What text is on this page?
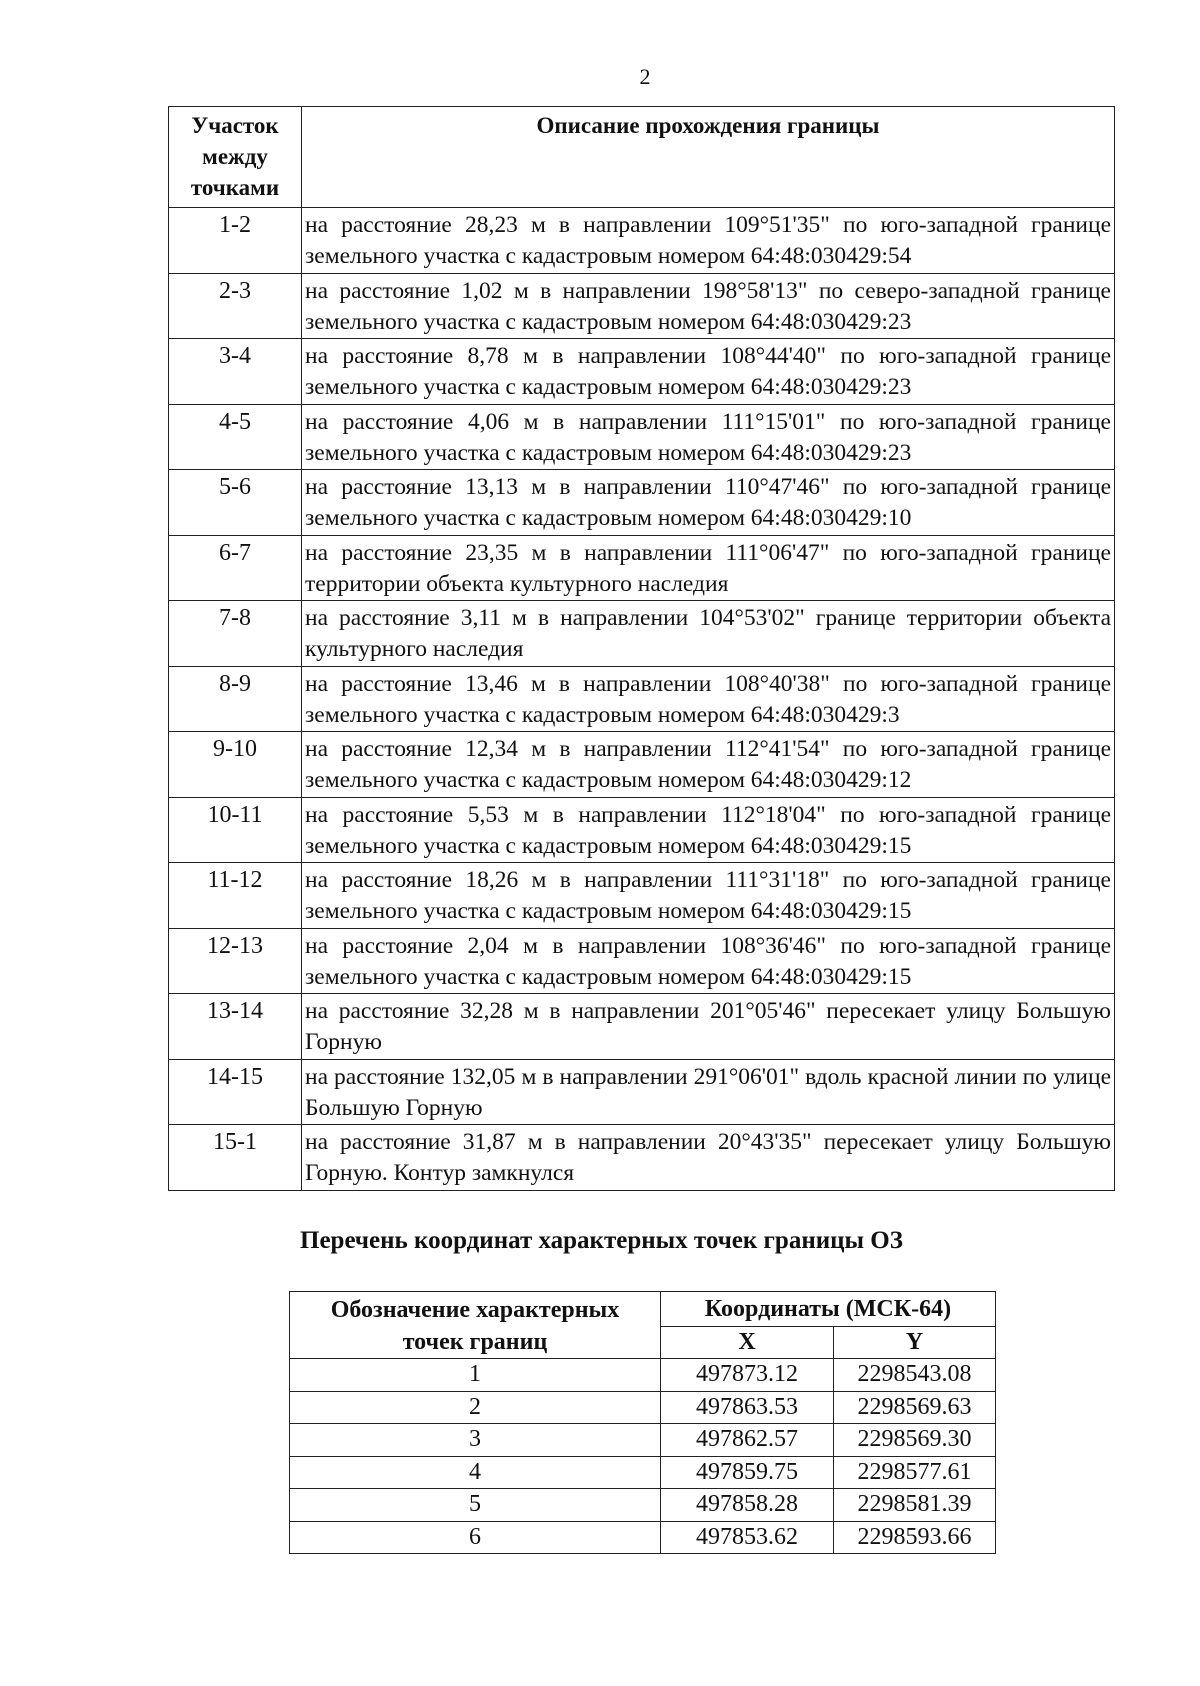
2
Участок
между
точками	Описание прохождения границы
1-2	на расстояние 28,23 м в направлении 109°51'35" по юго-западной границе земельного участка с кадастровым номером 64:48:030429:54
2-3	на расстояние 1,02 м в направлении 198°58'13" по северо-западной границе земельного участка с кадастровым номером 64:48:030429:23
3-4	на расстояние 8,78 м в направлении 108°44'40" по юго-западной границе земельного участка с кадастровым номером 64:48:030429:23
4-5	на расстояние 4,06 м в направлении 111°15'01" по юго-западной границе земельного участка с кадастровым номером 64:48:030429:23
5-6	на расстояние 13,13 м в направлении 110°47'46" по юго-западной границе земельного участка с кадастровым номером 64:48:030429:10
6-7	на расстояние 23,35 м в направлении 111°06'47" по юго-западной границе территории объекта культурного наследия
7-8	на расстояние 3,11 м в направлении 104°53'02" границе территории объекта культурного наследия
8-9	на расстояние 13,46 м в направлении 108°40'38" по юго-западной границе земельного участка с кадастровым номером 64:48:030429:3
9-10	на расстояние 12,34 м в направлении 112°41'54" по юго-западной границе земельного участка с кадастровым номером 64:48:030429:12
10-11	на расстояние 5,53 м в направлении 112°18'04" по юго-западной границе земельного участка с кадастровым номером 64:48:030429:15
11-12	на расстояние 18,26 м в направлении 111°31'18" по юго-западной границе земельного участка с кадастровым номером 64:48:030429:15
12-13	на расстояние 2,04 м в направлении 108°36'46" по юго-западной границе земельного участка с кадастровым номером 64:48:030429:15
13-14	на расстояние 32,28 м в направлении 201°05'46" пересекает улицу Большую Горную
14-15	на расстояние 132,05 м в направлении 291°06'01" вдоль красной линии по улице Большую Горную
15-1	на расстояние 31,87 м в направлении 20°43'35" пересекает улицу Большую Горную. Контур замкнулся
Перечень координат характерных точек границы ОЗ
Обозначение характерных
точек границ	Координаты (МСК-64)	
	X	Y
1	497873.12	2298543.08
2	497863.53	2298569.63
3	497862.57	2298569.30
4	497859.75	2298577.61
5	497858.28	2298581.39
6	497853.62	2298593.66
